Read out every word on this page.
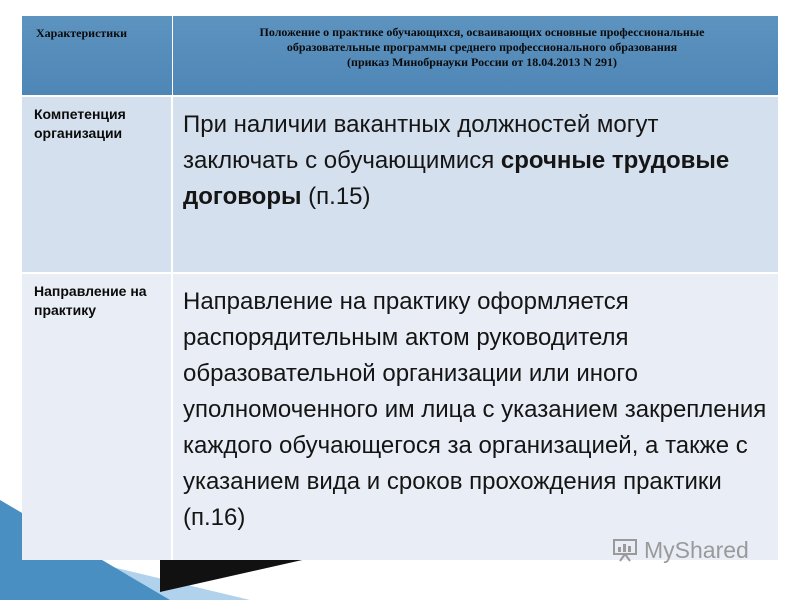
Характеристики	Положение о практике обучающихся, осваивающих основные профессиональные
образовательные программы среднего профессионального образования
(приказ Минобрнауки России от 18.04.2013 N 291)
Компетенция организации	При наличии вакантных должностей могут заключать с обучающимися срочные трудовые договоры (п.15)
Направление на практику	Направление на практику оформляется распорядительным актом руководителя образовательной организации или иного уполномоченного им лица с указанием закрепления каждого обучающегося за организацией, а также с указанием вида и сроков прохождения практики (п.16)
MyShared
